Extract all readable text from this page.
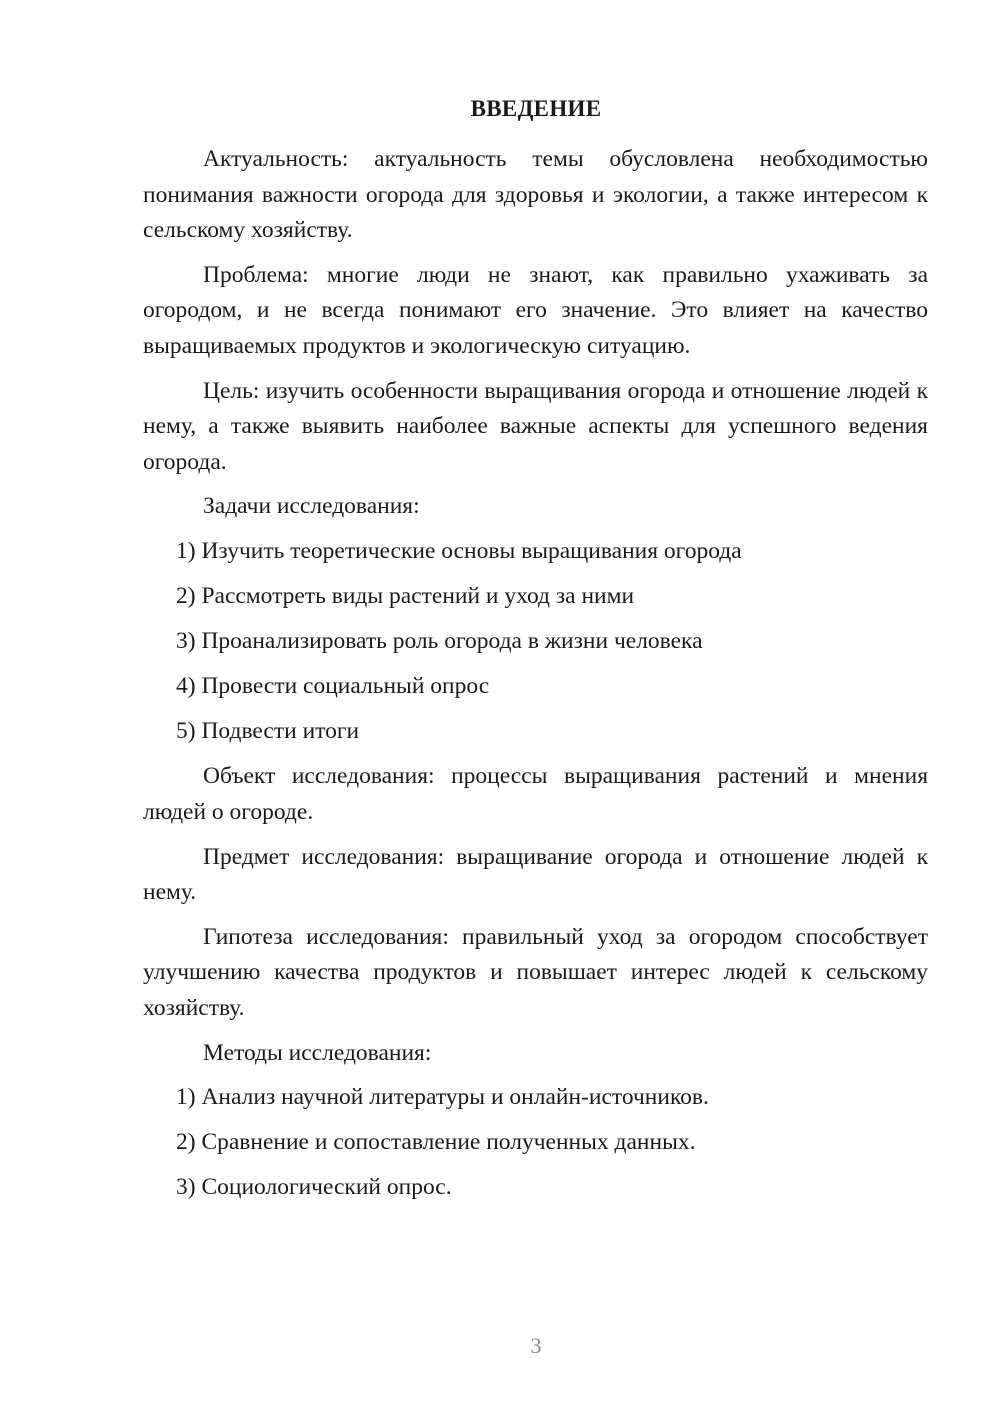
ВВЕДЕНИЕ

Актуальность: актуальность темы обусловлена необходимостью понимания важности огорода для здоровья и экологии, а также интересом к сельскому хозяйству.

Проблема: многие люди не знают, как правильно ухаживать за огородом, и не всегда понимают его значение. Это влияет на качество выращиваемых продуктов и экологическую ситуацию.

Цель: изучить особенности выращивания огорода и отношение людей к нему, а также выявить наиболее важные аспекты для успешного ведения огорода.

Задачи исследования:

1) Изучить теоретические основы выращивания огорода
2) Рассмотреть виды растений и уход за ними
3) Проанализировать роль огорода в жизни человека
4) Провести социальный опрос
5) Подвести итоги

Объект исследования: процессы выращивания растений и мнения людей о огороде.

Предмет исследования: выращивание огорода и отношение людей к нему.

Гипотеза исследования: правильный уход за огородом способствует улучшению качества продуктов и повышает интерес людей к сельскому хозяйству.

Методы исследования:

1) Анализ научной литературы и онлайн-источников.
2) Сравнение и сопоставление полученных данных.
3) Социологический опрос.
3
